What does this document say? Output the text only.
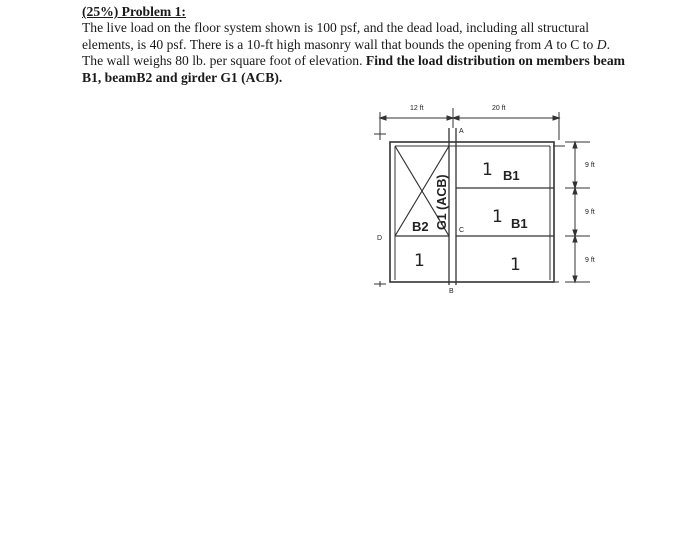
(25%) Problem 1:
The live load on the floor system shown is 100 psf, and the dead load, including all structural
elements, is 40 psf. There is a 10-ft high masonry wall that bounds the opening from A to C to D.
The wall weighs 80 lb. per square foot of elevation. Find the load distribution on members beam
B1, beamB2 and girder G1 (ACB).
12 ft	20 ft
9 ft
9 ft
9 ft
A
B
C
D
B1
B1
B2 G1 (ACB)
1
1
1	1
